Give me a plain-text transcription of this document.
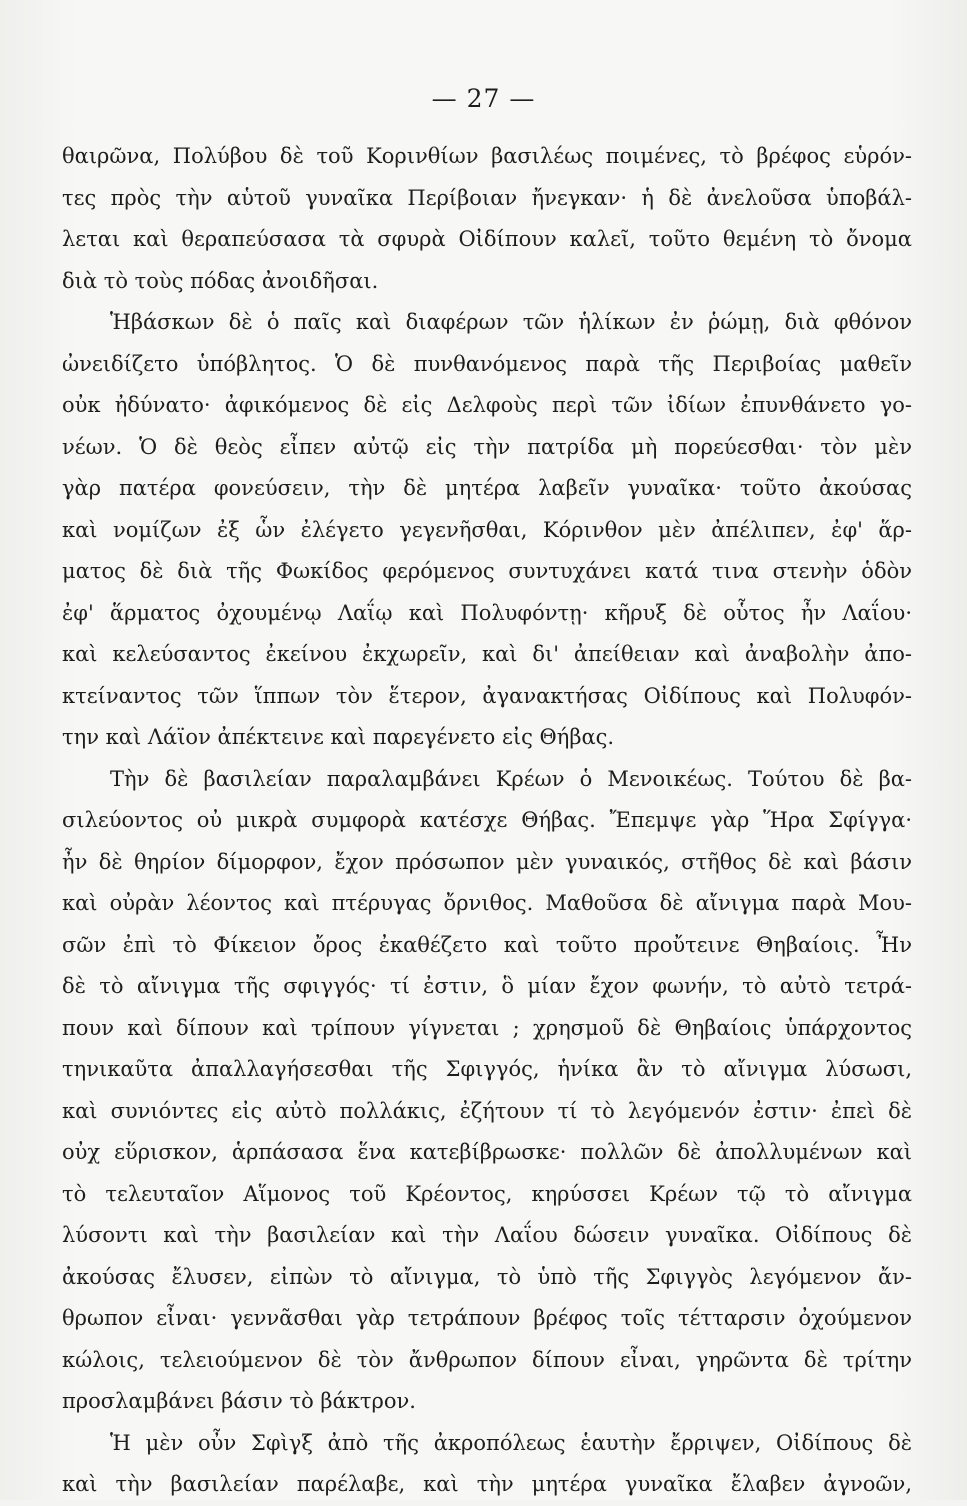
— 27 —
θαιρῶνα, Πολύβου δὲ τοῦ Κορινθίων βασιλέως ποιμένες, τὸ βρέφος εὑρόν-
τες πρὸς τὴν αὑτοῦ γυναῖκα Περίβοιαν ἤνεγκαν· ἡ δὲ ἀνελοῦσα ὑποβάλ-
λεται καὶ θεραπεύσασα τὰ σφυρὰ Οἰδίπουν καλεῖ, τοῦτο θεμένη τὸ ὄνομα
διὰ τὸ τοὺς πόδας ἀνοιδῆσαι.
Ἡβάσκων δὲ ὁ παῖς καὶ διαφέρων τῶν ἡλίκων ἐν ῥώμῃ, διὰ φθόνον
ὠνειδίζετο ὑπόβλητος. Ὁ δὲ πυνθανόμενος παρὰ τῆς Περιβοίας μαθεῖν
οὐκ ἠδύνατο· ἀφικόμενος δὲ εἰς Δελφοὺς περὶ τῶν ἰδίων ἐπυνθάνετο γο-
νέων. Ὁ δὲ θεὸς εἶπεν αὐτῷ εἰς τὴν πατρίδα μὴ πορεύεσθαι· τὸν μὲν
γὰρ πατέρα φονεύσειν, τὴν δὲ μητέρα λαβεῖν γυναῖκα· τοῦτο ἀκούσας
καὶ νομίζων ἐξ ὧν ἐλέγετο γεγενῆσθαι, Κόρινθον μὲν ἀπέλιπεν, ἐφ' ἅρ-
ματος δὲ διὰ τῆς Φωκίδος φερόμενος συντυχάνει κατά τινα στενὴν ὁδὸν
ἐφ' ἅρματος ὀχουμένῳ Λαΐῳ καὶ Πολυφόντῃ· κῆρυξ δὲ οὗτος ἦν Λαΐου·
καὶ κελεύσαντος ἐκείνου ἐκχωρεῖν, καὶ δι' ἀπείθειαν καὶ ἀναβολὴν ἀπο-
κτείναντος τῶν ἵππων τὸν ἕτερον, ἀγανακτήσας Οἰδίπους καὶ Πολυφόν-
την καὶ Λάϊον ἀπέκτεινε καὶ παρεγένετο εἰς Θήβας.
Τὴν δὲ βασιλείαν παραλαμβάνει Κρέων ὁ Μενοικέως. Τούτου δὲ βα-
σιλεύοντος οὐ μικρὰ συμφορὰ κατέσχε Θήβας. Ἔπεμψε γὰρ Ἥρα Σφίγγα·
ἦν δὲ θηρίον δίμορφον, ἔχον πρόσωπον μὲν γυναικός, στῆθος δὲ καὶ βάσιν
καὶ οὐρὰν λέοντος καὶ πτέρυγας ὄρνιθος. Μαθοῦσα δὲ αἴνιγμα παρὰ Μου-
σῶν ἐπὶ τὸ Φίκειον ὄρος ἐκαθέζετο καὶ τοῦτο προὔτεινε Θηβαίοις. Ἦν
δὲ τὸ αἴνιγμα τῆς σφιγγός· τί ἐστιν, ὃ μίαν ἔχον φωνήν, τὸ αὐτὸ τετρά-
πουν καὶ δίπουν καὶ τρίπουν γίγνεται ; χρησμοῦ δὲ Θηβαίοις ὑπάρχοντος
τηνικαῦτα ἀπαλλαγήσεσθαι τῆς Σφιγγός, ἡνίκα ἂν τὸ αἴνιγμα λύσωσι,
καὶ συνιόντες εἰς αὐτὸ πολλάκις, ἐζήτουν τί τὸ λεγόμενόν ἐστιν· ἐπεὶ δὲ
οὐχ εὕρισκον, ἁρπάσασα ἕνα κατεβίβρωσκε· πολλῶν δὲ ἀπολλυμένων καὶ
τὸ τελευταῖον Αἵμονος τοῦ Κρέοντος, κηρύσσει Κρέων τῷ τὸ αἴνιγμα
λύσοντι καὶ τὴν βασιλείαν καὶ τὴν Λαΐου δώσειν γυναῖκα. Οἰδίπους δὲ
ἀκούσας ἔλυσεν, εἰπὼν τὸ αἴνιγμα, τὸ ὑπὸ τῆς Σφιγγὸς λεγόμενον ἄν-
θρωπον εἶναι· γεννᾶσθαι γὰρ τετράπουν βρέφος τοῖς τέτταρσιν ὀχούμενον
κώλοις, τελειούμενον δὲ τὸν ἄνθρωπον δίπουν εἶναι, γηρῶντα δὲ τρίτην
προσλαμβάνει βάσιν τὸ βάκτρον.
Ἡ μὲν οὖν Σφὶγξ ἀπὸ τῆς ἀκροπόλεως ἑαυτὴν ἔρριψεν, Οἰδίπους δὲ
καὶ τὴν βασιλείαν παρέλαβε, καὶ τὴν μητέρα γυναῖκα ἔλαβεν ἀγνοῶν,
